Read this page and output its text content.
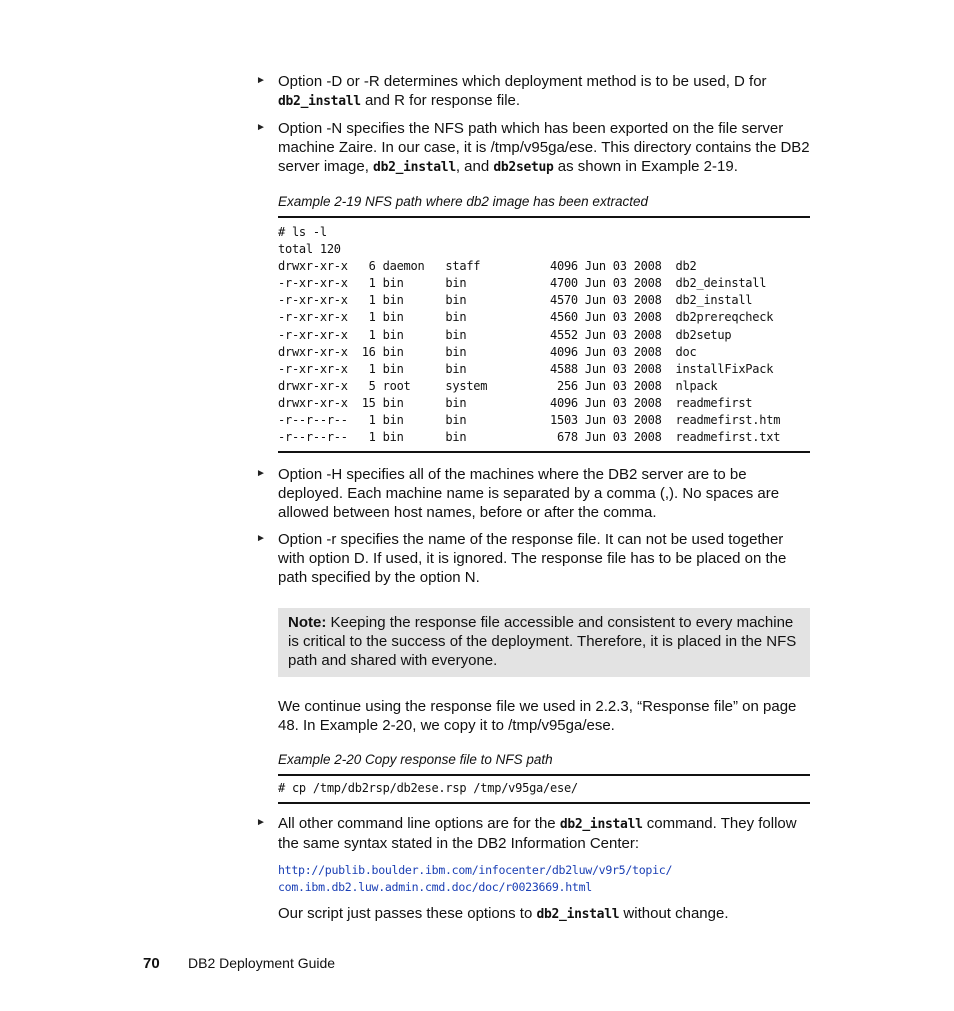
► Option -D or -R determines which deployment method is to be used, D for db2_install and R for response file.
► Option -N specifies the NFS path which has been exported on the file server machine Zaire. In our case, it is /tmp/v95ga/ese. This directory contains the DB2 server image, db2_install, and db2setup as shown in Example 2-19.
Example 2-19 NFS path where db2 image has been extracted
# ls -l
total 120
drwxr-xr-x   6 daemon   staff          4096 Jun 03 2008  db2
-r-xr-xr-x   1 bin      bin            4700 Jun 03 2008  db2_deinstall
-r-xr-xr-x   1 bin      bin            4570 Jun 03 2008  db2_install
-r-xr-xr-x   1 bin      bin            4560 Jun 03 2008  db2prereqcheck
-r-xr-xr-x   1 bin      bin            4552 Jun 03 2008  db2setup
drwxr-xr-x  16 bin      bin            4096 Jun 03 2008  doc
-r-xr-xr-x   1 bin      bin            4588 Jun 03 2008  installFixPack
drwxr-xr-x   5 root     system          256 Jun 03 2008  nlpack
drwxr-xr-x  15 bin      bin            4096 Jun 03 2008  readmefirst
-r--r--r--   1 bin      bin            1503 Jun 03 2008  readmefirst.htm
-r--r--r--   1 bin      bin             678 Jun 03 2008  readmefirst.txt
► Option -H specifies all of the machines where the DB2 server are to be deployed. Each machine name is separated by a comma (,). No spaces are allowed between host names, before or after the comma.
► Option -r specifies the name of the response file. It can not be used together with option D. If used, it is ignored. The response file has to be placed on the path specified by the option N.
Note: Keeping the response file accessible and consistent to every machine is critical to the success of the deployment. Therefore, it is placed in the NFS path and shared with everyone.

We continue using the response file we used in 2.2.3, “Response file” on page 48. In Example 2-20, we copy it to /tmp/v95ga/ese.

Example 2-20 Copy response file to NFS path
# cp /tmp/db2rsp/db2ese.rsp /tmp/v95ga/ese/
► All other command line options are for the db2_install command. They follow the same syntax stated in the DB2 Information Center:
http://publib.boulder.ibm.com/infocenter/db2luw/v9r5/topic/
com.ibm.db2.luw.admin.cmd.doc/doc/r0023669.html

Our script just passes these options to db2_install without change.

70 DB2 Deployment Guide
